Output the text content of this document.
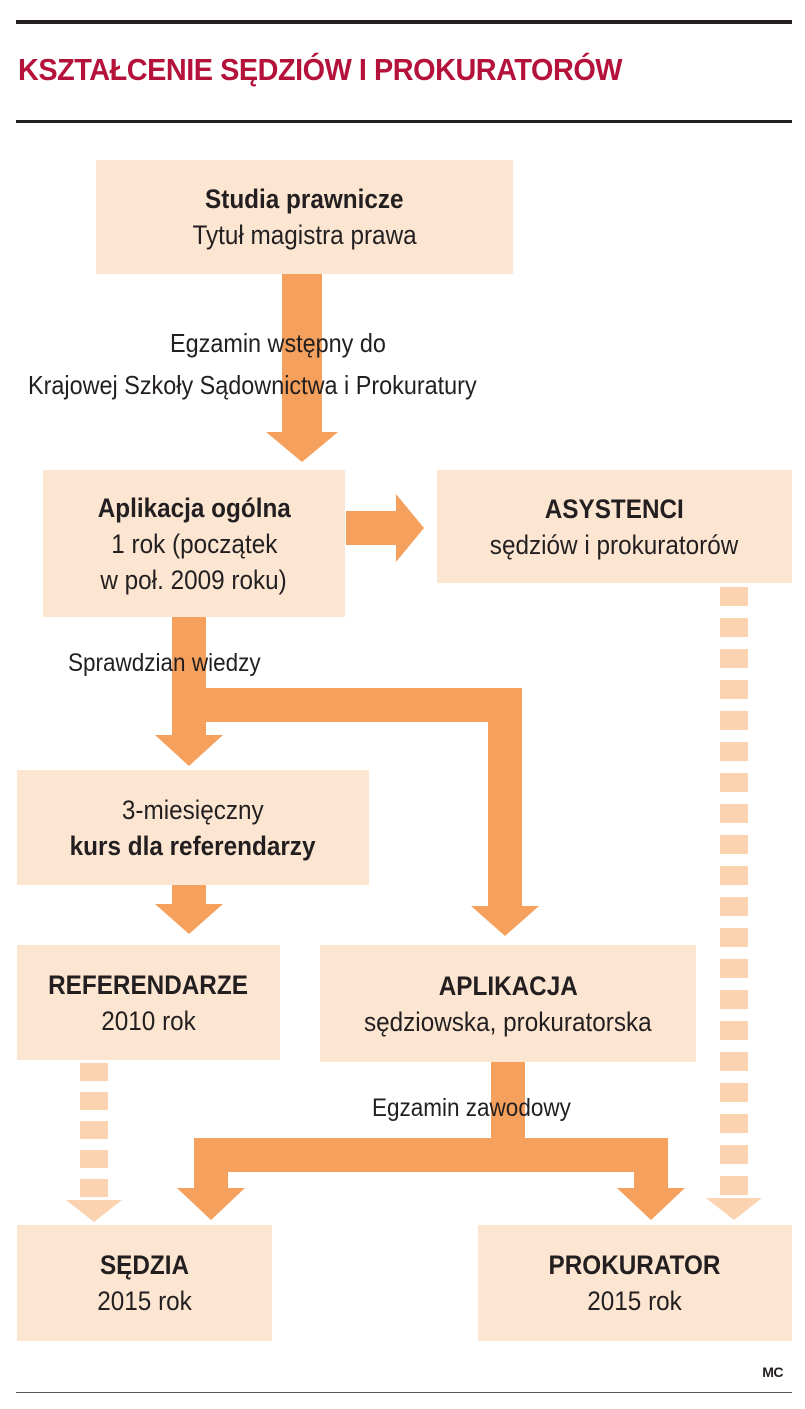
KSZTAŁCENIE SĘDZIÓW I PROKURATORÓW
Studia prawnicze
Tytuł magistra prawa
Aplikacja ogólna
1 rok (początek
w poł. 2009 roku)
ASYSTENCI
sędziów i prokuratorów
3-miesięczny
kurs dla referendarzy
REFERENDARZE
2010 rok
APLIKACJA
sędziowska, prokuratorska
SĘDZIA
2015 rok
PROKURATOR
2015 rok
Egzamin wstępny do
Krajowej Szkoły Sądownictwa i Prokuratury
Sprawdzian wiedzy
Egzamin zawodowy
MC
